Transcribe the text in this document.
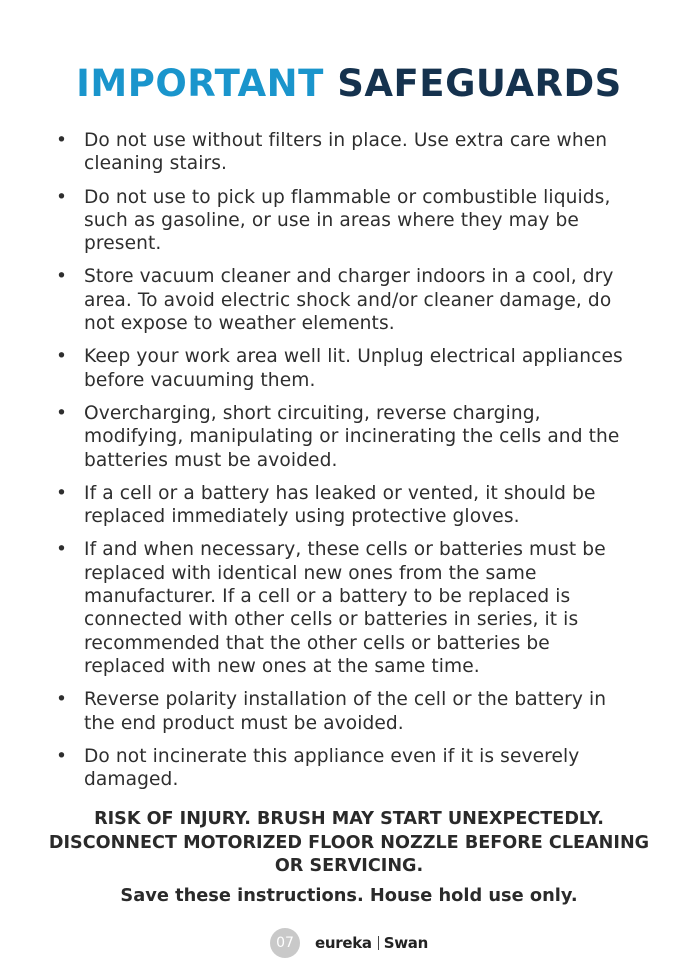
IMPORTANT SAFEGUARDS
• Do not use without filters in place. Use extra care when cleaning stairs.
• Do not use to pick up flammable or combustible liquids, such as gasoline, or use in areas where they may be present.
• Store vacuum cleaner and charger indoors in a cool, dry area. To avoid electric shock and/or cleaner damage, do not expose to weather elements.
• Keep your work area well lit. Unplug electrical appliances before vacuuming them.
• Overcharging, short circuiting, reverse charging, modifying, manipulating or incinerating the cells and the batteries must be avoided.
• If a cell or a battery has leaked or vented, it should be replaced immediately using protective gloves.
• If and when necessary, these cells or batteries must be replaced with identical new ones from the same manufacturer. If a cell or a battery to be replaced is connected with other cells or batteries in series, it is recommended that the other cells or batteries be replaced with new ones at the same time.
• Reverse polarity installation of the cell or the battery in the end product must be avoided.
• Do not incinerate this appliance even if it is severely damaged.

RISK OF INJURY. BRUSH MAY START UNEXPECTEDLY. DISCONNECT MOTORIZED FLOOR NOZZLE BEFORE CLEANING OR SERVICING.

Save these instructions. House hold use only.

07	eureka Swan
